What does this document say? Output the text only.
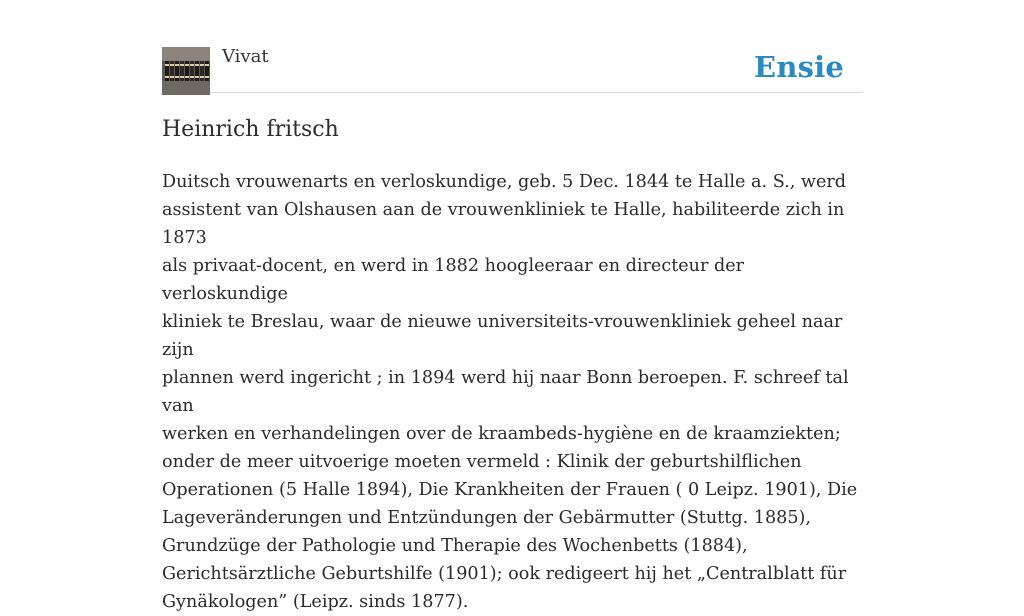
Vivat	Ensie
Heinrich fritsch

Duitsch vrouwenarts en verloskundige, geb. 5 Dec. 1844 te Halle a. S., werd
assistent van Olshausen aan de vrouwenkliniek te Halle, habiliteerde zich in 1873
als privaat-docent, en werd in 1882 hoogleeraar en directeur der verloskundige
kliniek te Breslau, waar de nieuwe universiteits-vrouwenkliniek geheel naar zijn
plannen werd ingericht ; in 1894 werd hij naar Bonn beroepen. F. schreef tal van
werken en verhandelingen over de kraambeds-hygiène en de kraamziekten;
onder de meer uitvoerige moeten vermeld : Klinik der geburtshilflichen
Operationen (5 Halle 1894), Die Krankheiten der Frauen ( 0 Leipz. 1901), Die
Lageveränderungen und Entzündungen der Gebärmutter (Stuttg. 1885),
Grundzüge der Pathologie und Therapie des Wochenbetts (1884),
Gerichtsärztliche Geburtshilfe (1901); ook redigeert hij het „Centralblatt für
Gynäkologen” (Leipz. sinds 1877).
